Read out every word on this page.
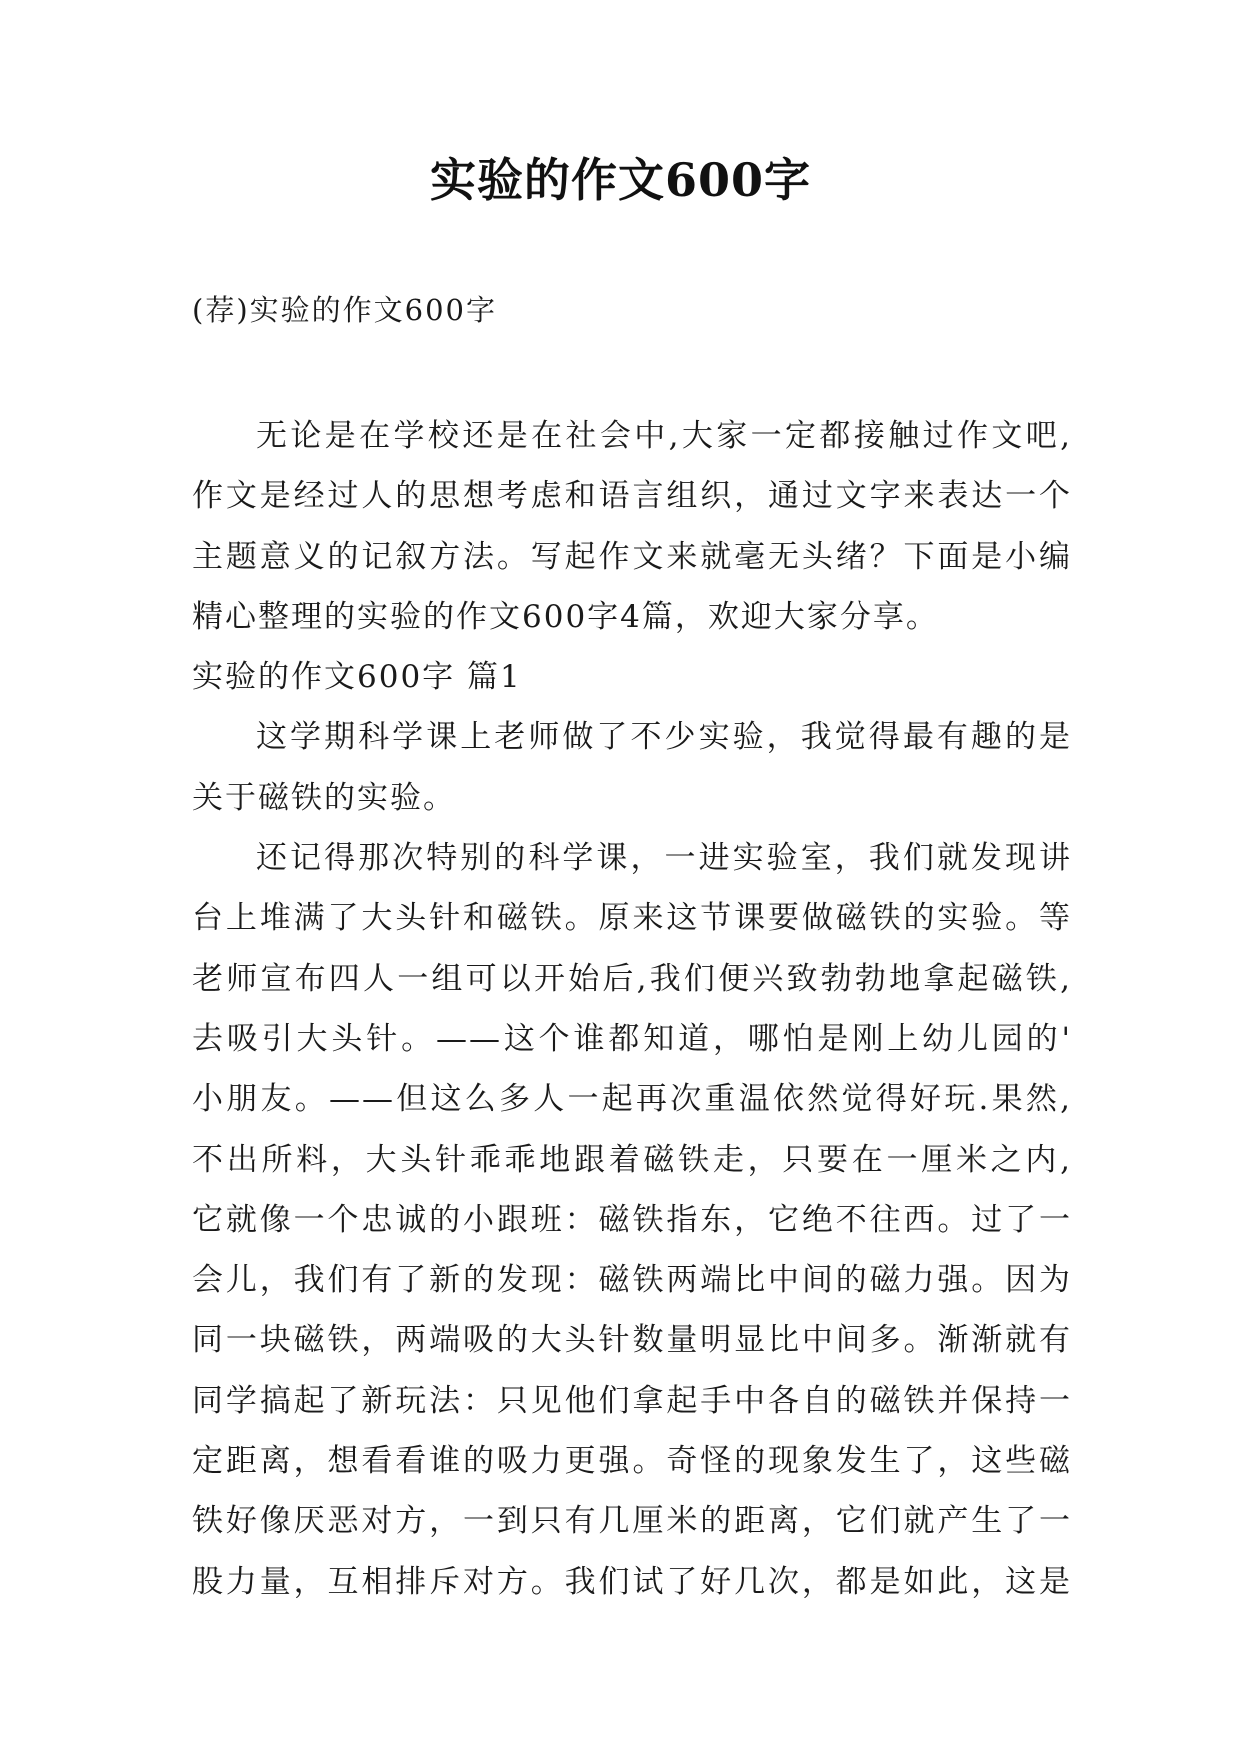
实验的作文600字

(荐)实验的作文600字

无论是在学校还是在社会中,大家一定都接触过作文吧,
作文是经过人的思想考虑和语言组织，通过文字来表达一个
主题意义的记叙方法。写起作文来就毫无头绪？下面是小编
精心整理的实验的作文600字4篇，欢迎大家分享。
实验的作文600字 篇1
这学期科学课上老师做了不少实验，我觉得最有趣的是
关于磁铁的实验。
还记得那次特别的科学课，一进实验室，我们就发现讲
台上堆满了大头针和磁铁。原来这节课要做磁铁的实验。等
老师宣布四人一组可以开始后,我们便兴致勃勃地拿起磁铁,
去吸引大头针。——这个谁都知道，哪怕是刚上幼儿园的'
小朋友。——但这么多人一起再次重温依然觉得好玩.果然,
不出所料，大头针乖乖地跟着磁铁走，只要在一厘米之内,
它就像一个忠诚的小跟班：磁铁指东，它绝不往西。过了一
会儿，我们有了新的发现：磁铁两端比中间的磁力强。因为
同一块磁铁，两端吸的大头针数量明显比中间多。渐渐就有
同学搞起了新玩法：只见他们拿起手中各自的磁铁并保持一
定距离，想看看谁的吸力更强。奇怪的现象发生了，这些磁
铁好像厌恶对方，一到只有几厘米的距离，它们就产生了一
股力量，互相排斥对方。我们试了好几次，都是如此，这是
